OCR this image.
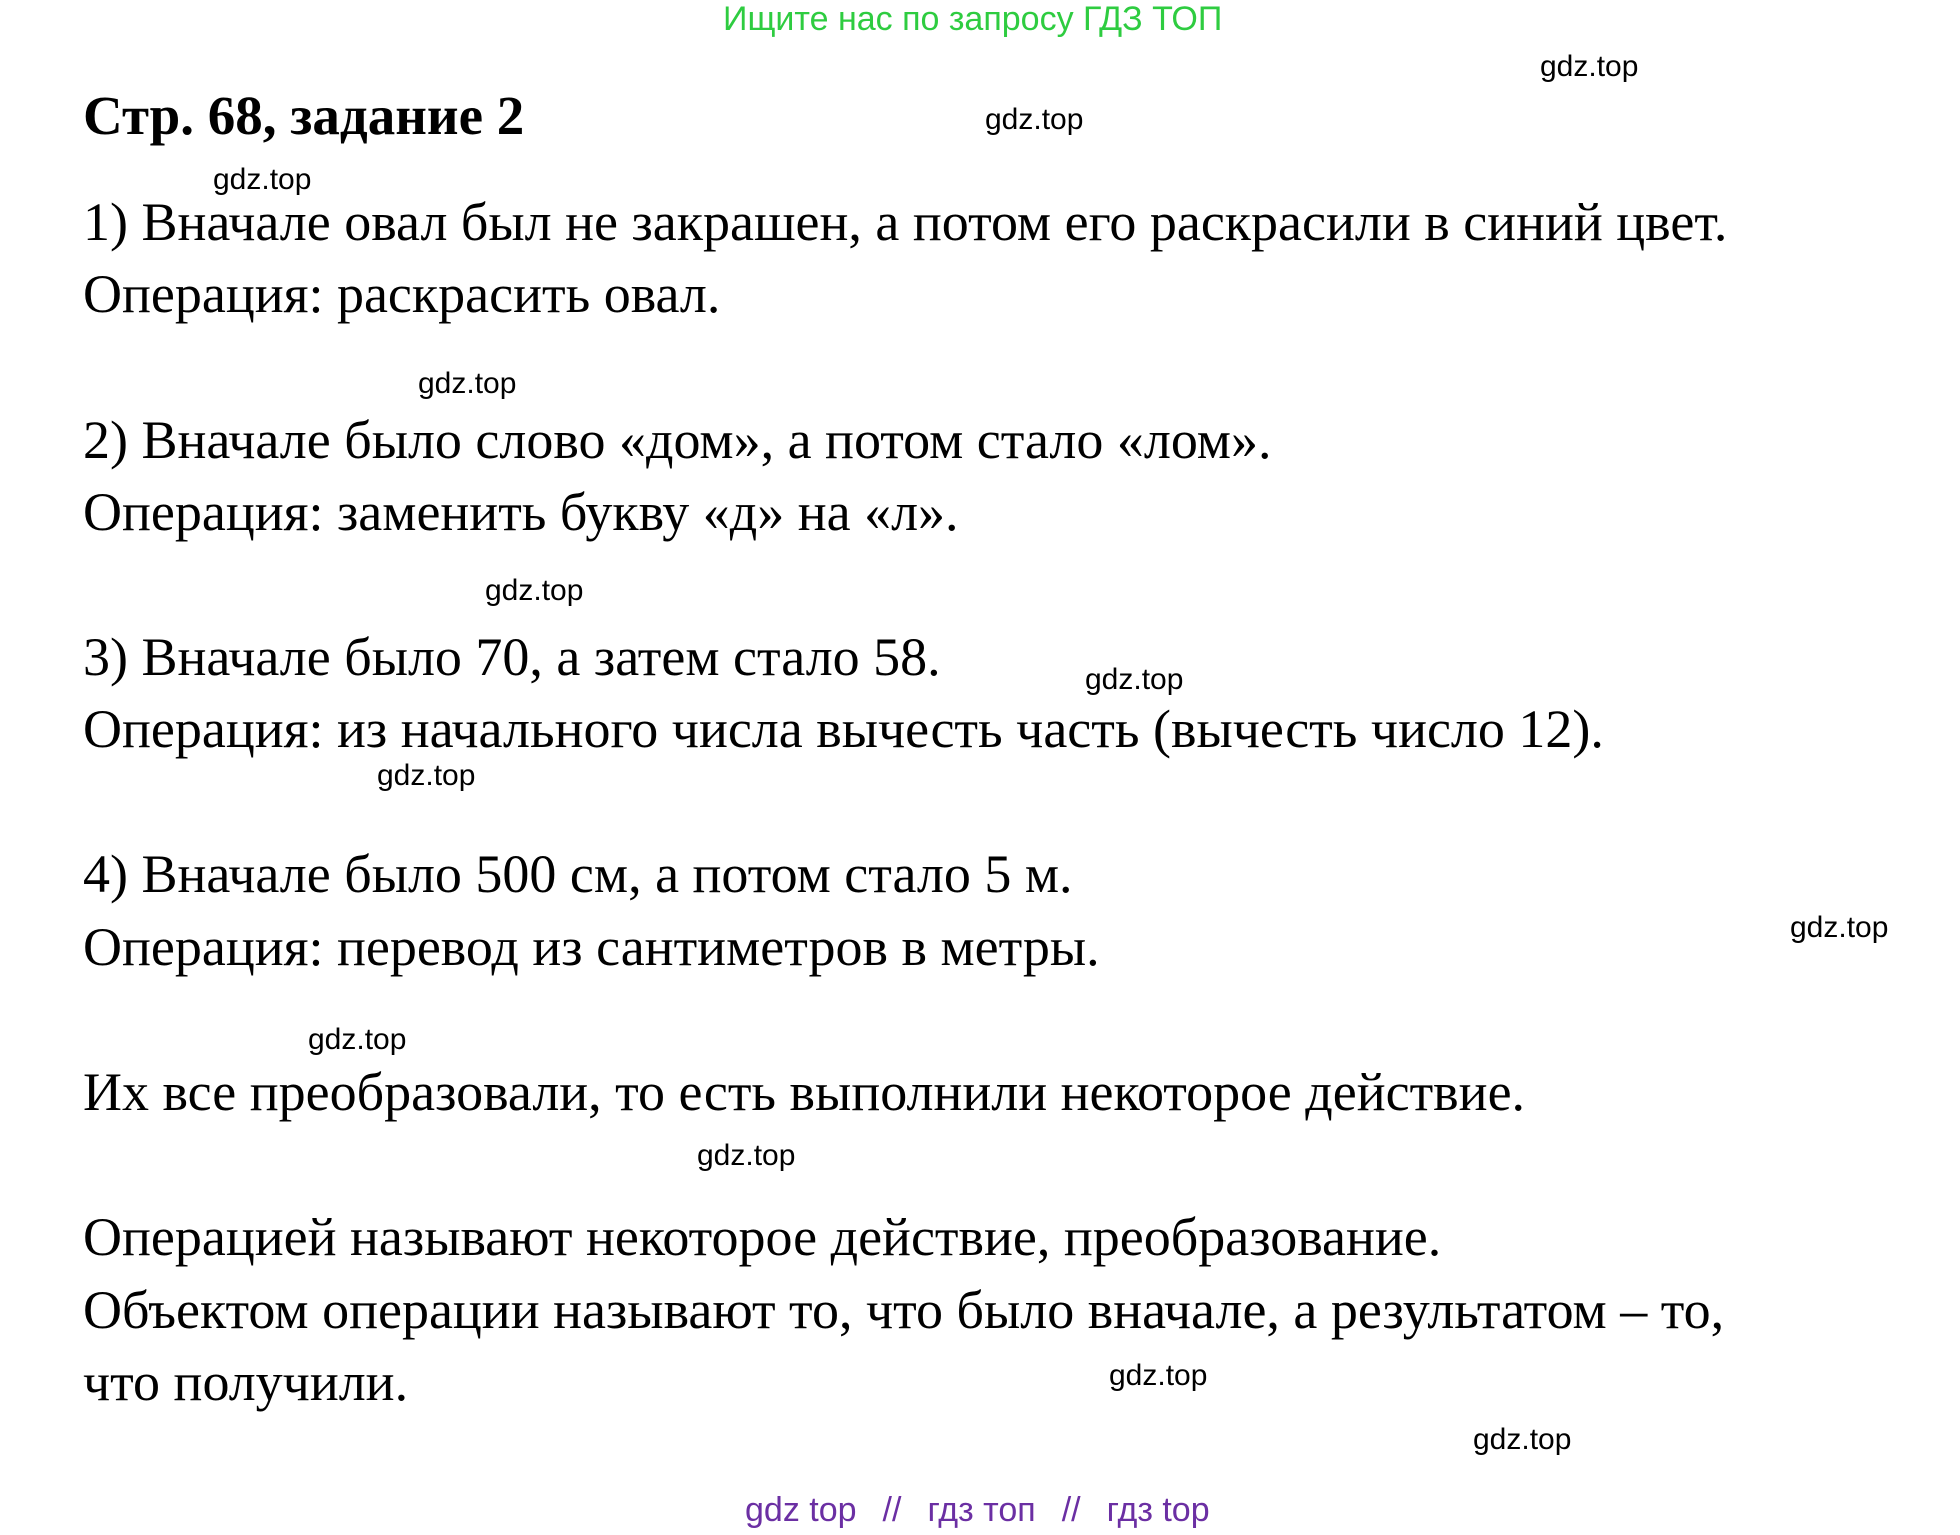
Ищите нас по запросу ГДЗ ТОП
Стр. 68, задание 2
1) Вначале овал был не закрашен, а потом его раскрасили в синий цвет.
Операция: раскрасить овал.
2) Вначале было слово «дом», а потом стало «лом».
Операция: заменить букву «д» на «л».
3) Вначале было 70, а затем стало 58.
Операция: из начального числа вычесть часть (вычесть число 12).
4) Вначале было 500 см, а потом стало 5 м.
Операция: перевод из сантиметров в метры.
Их все преобразовали, то есть выполнили некоторое действие.
Операцией называют некоторое действие, преобразование.
Объектом операции называют то, что было вначале, а результатом – то,
что получили.
gdz.top
gdz.top
gdz.top
gdz.top
gdz.top
gdz.top
gdz.top
gdz.top
gdz.top
gdz.top
gdz.top
gdz.top
gdz top // гдз топ // гдз top
